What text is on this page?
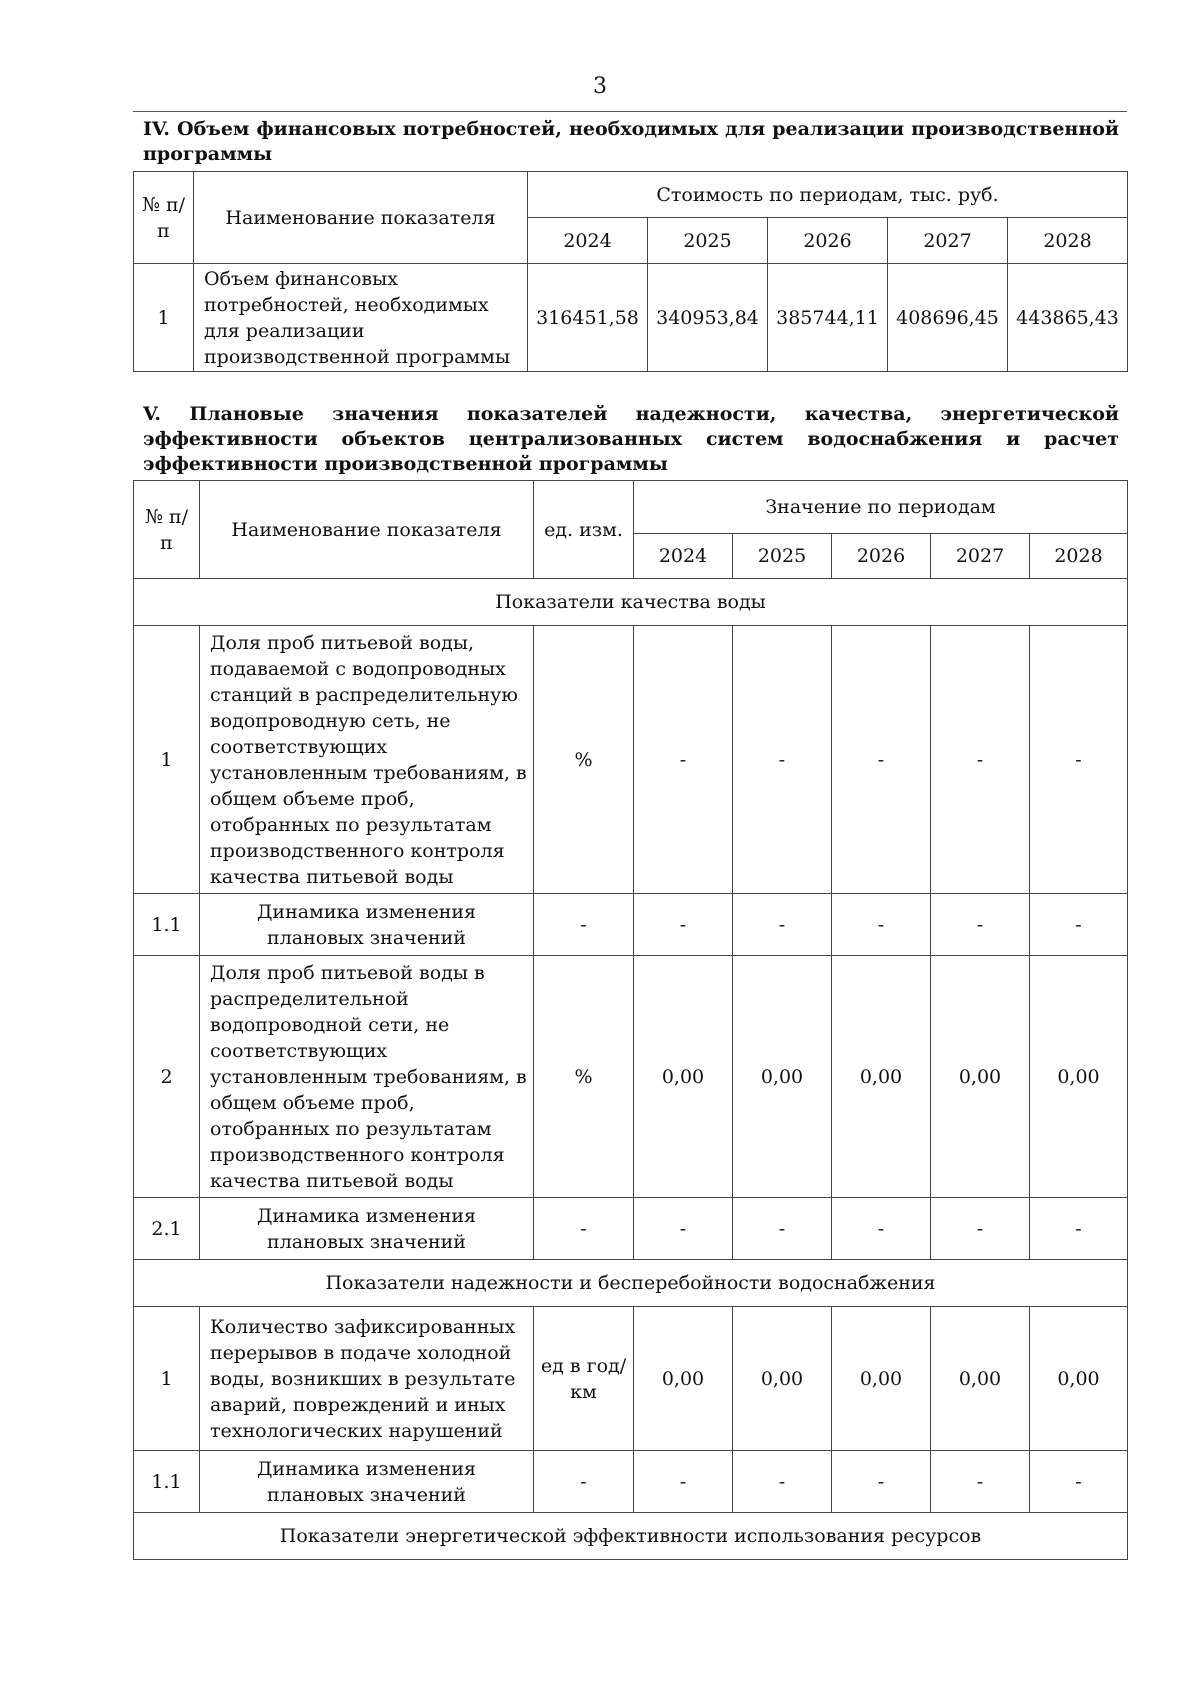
3
IV. Объем финансовых потребностей, необходимых для реализации производственной программы
№ п/п	Наименование показателя	Стоимость по периодам, тыс. руб.				
		2024	2025	2026	2027	2028
1	Объем финансовых потребностей, необходимых для реализации производственной программы	316451,58	340953,84	385744,11	408696,45	443865,43
V. Плановые значения показателей надежности, качества, энергетической эффективности объектов централизованных систем водоснабжения и расчет эффективности производственной программы
№ п/п	Наименование показателя	ед. изм.	Значение по периодам				
			2024	2025	2026	2027	2028
Показатели качества воды							
1	Доля проб питьевой воды, подаваемой с водопроводных станций в распределительную водопроводную сеть, не соответствующих установленным требованиям, в общем объеме проб, отобранных по результатам производственного контроля качества питьевой воды	%	-	-	-	-	-
1.1	Динамика изменения плановых значений	-	-	-	-	-	-
2	Доля проб питьевой воды в распределительной водопроводной сети, не соответствующих установленным требованиям, в общем объеме проб, отобранных по результатам производственного контроля качества питьевой воды	%	0,00	0,00	0,00	0,00	0,00
2.1	Динамика изменения плановых значений	-	-	-	-	-	-
Показатели надежности и бесперебойности водоснабжения							
1	Количество зафиксированных перерывов в подаче холодной воды, возникших в результате аварий, повреждений и иных технологических нарушений	ед в год/ км	0,00	0,00	0,00	0,00	0,00
1.1	Динамика изменения плановых значений	-	-	-	-	-	-
Показатели энергетической эффективности использования ресурсов							
